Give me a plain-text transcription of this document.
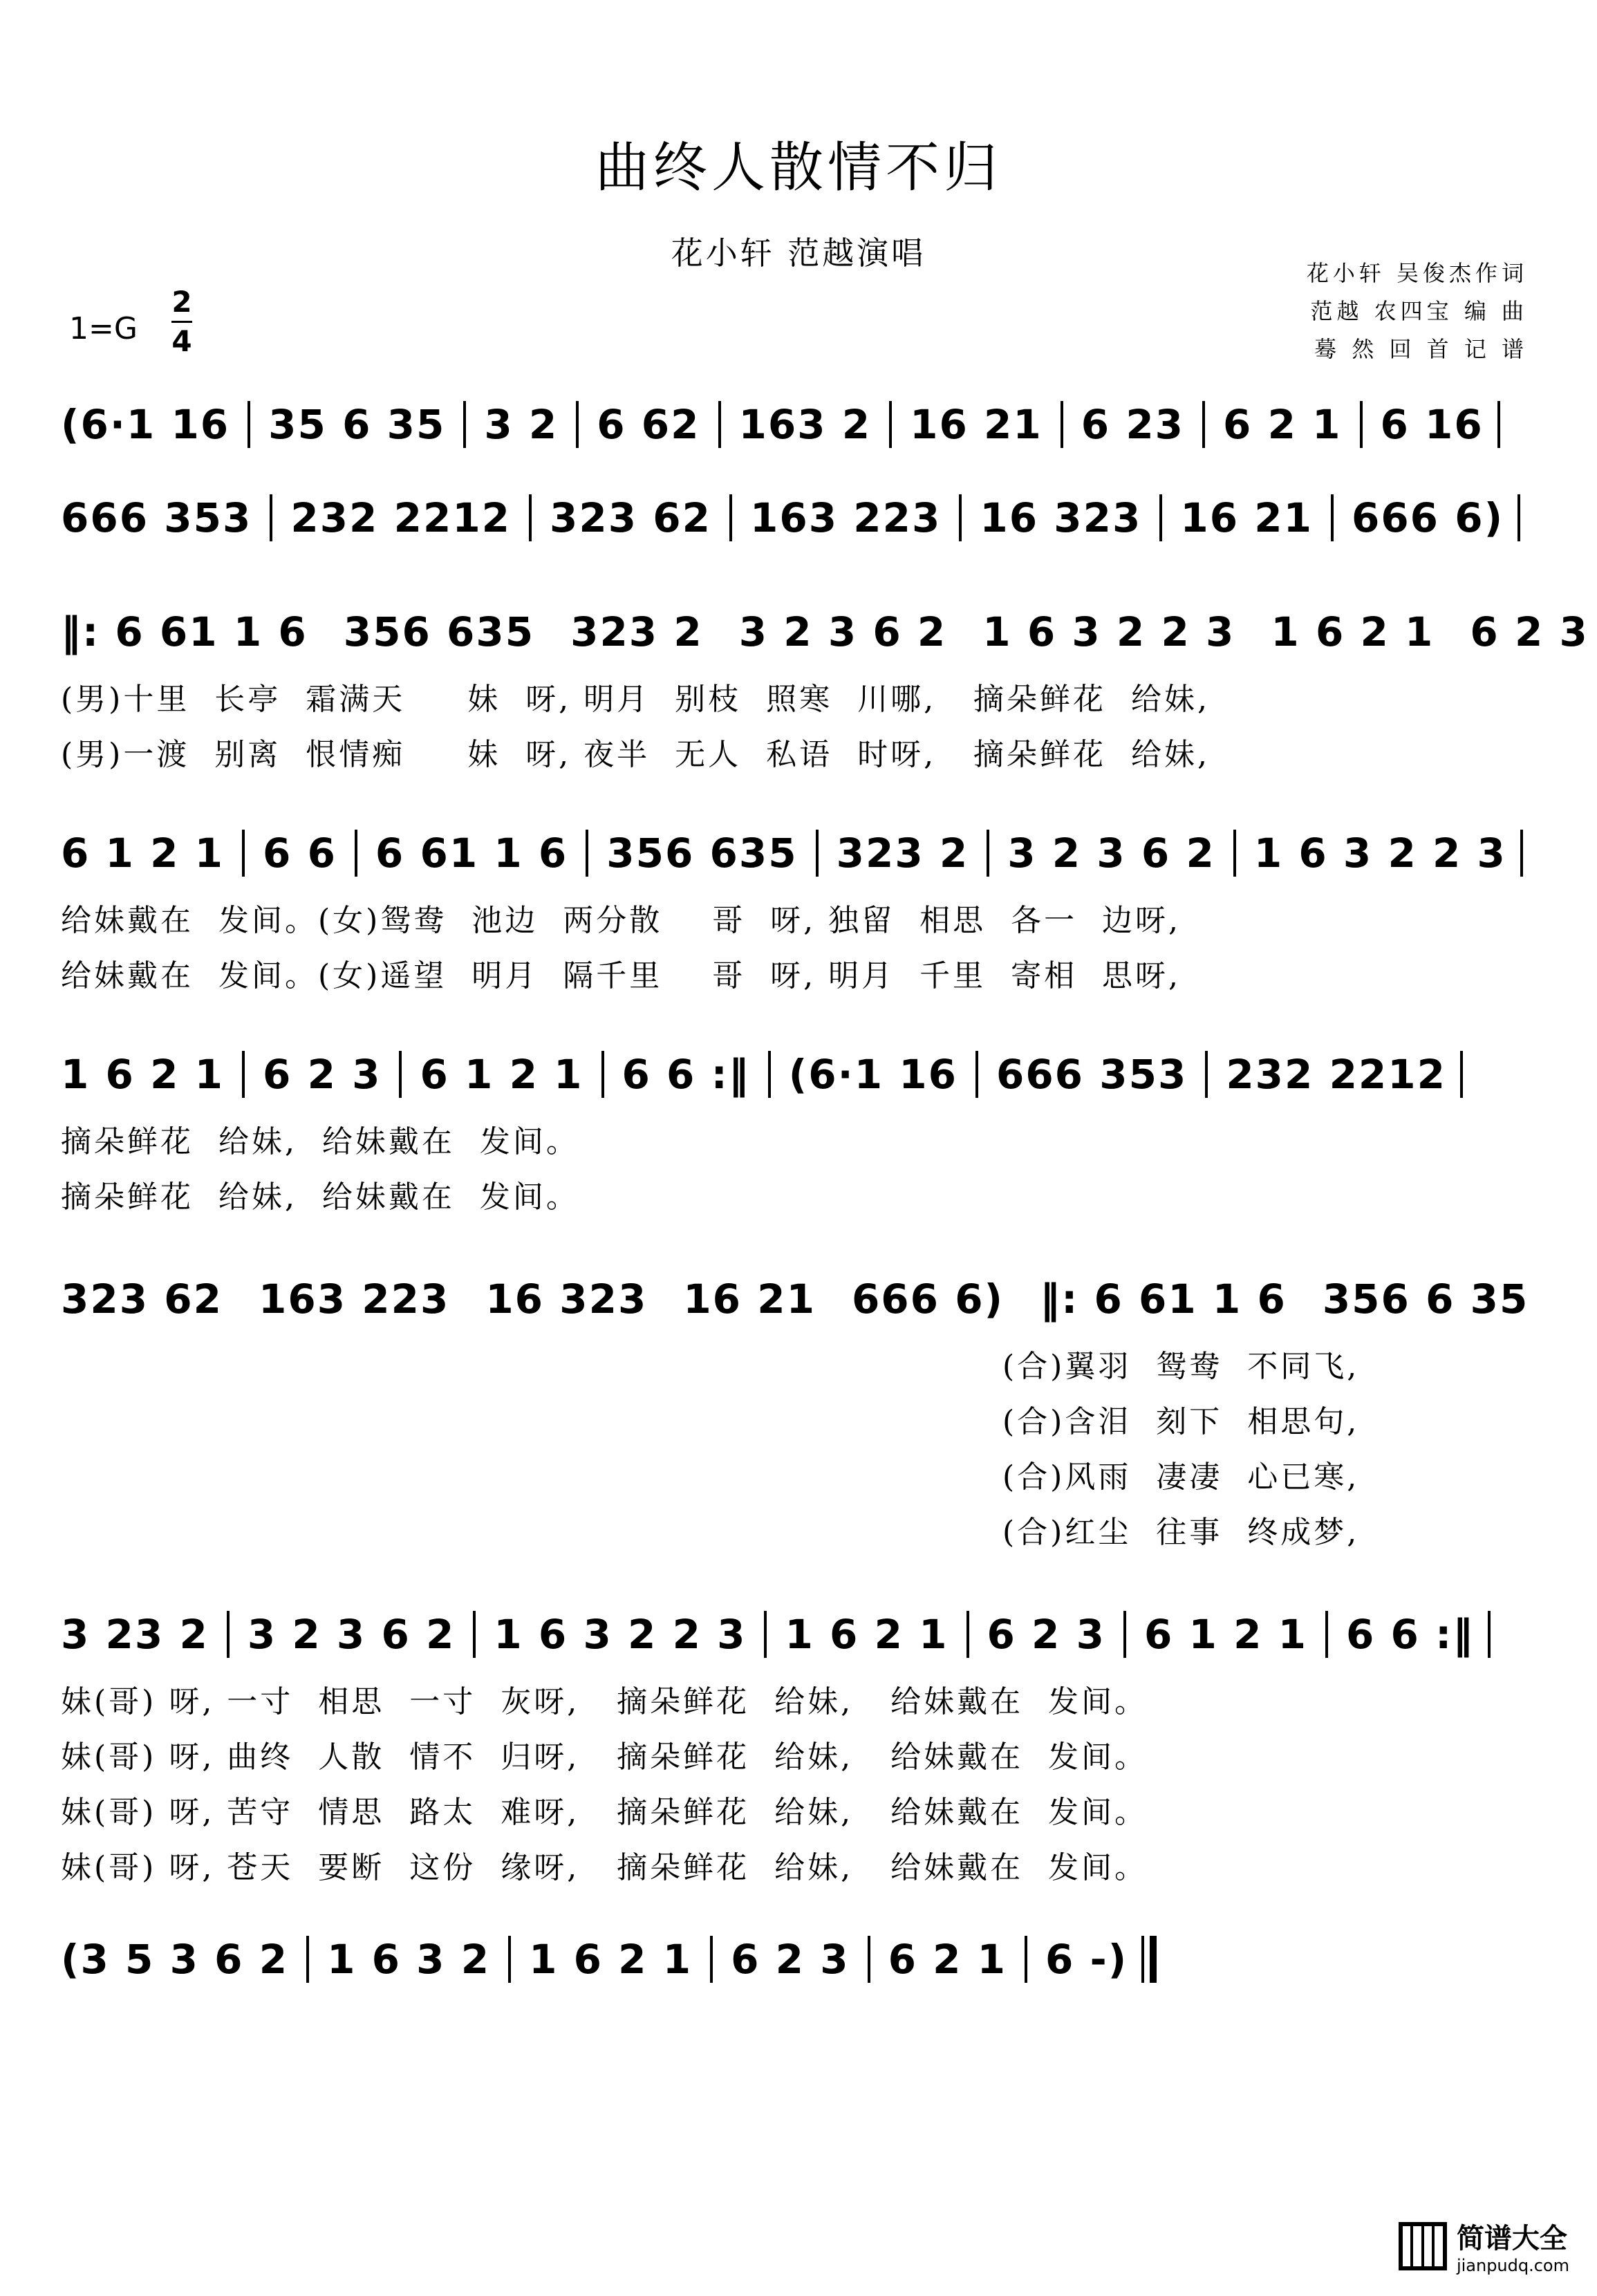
曲终人散情不归
花小轩 范越演唱
花小轩 吴俊杰作词
范越 农四宝 编 曲
蓦 然 回 首 记 谱
1=G
2
4
(6·1 16 35 6 35 3 2 6 62 163 2 16 21 6 23 6 2 1 6 16
666 353 232 2212 323 62 163 223 16 323 16 21 666 6)
‖: 6 61 1 6 356 635 323 2 3 2 3 6 2 1 6 3 2 2 3 1 6 2 1 6 2 3
(男)十里  长亭  霜满天     妹  呀, 明月  别枝  照寒  川哪,   摘朵鲜花  给妹,
(男)一渡  别离  恨情痴     妹  呀, 夜半  无人  私语  时呀,   摘朵鲜花  给妹,
6 1 2 1 6 6 6 61 1 6 356 635 323 2 3 2 3 6 2 1 6 3 2 2 3
给妹戴在  发间。(女)鸳鸯  池边  两分散    哥  呀, 独留  相思  各一  边呀,
给妹戴在  发间。(女)遥望  明月  隔千里    哥  呀, 明月  千里  寄相  思呀,
1 6 2 1 6 2 3 6 1 2 1 6 6 :‖ (6·1 16 666 353 232 2212
摘朵鲜花  给妹,  给妹戴在  发间。
摘朵鲜花  给妹,  给妹戴在  发间。
323 62 163 223 16 323 16 21 666 6) ‖: 6 61 1 6 356 6 35
(合)翼羽  鸳鸯  不同飞,
(合)含泪  刻下  相思句,
(合)风雨  凄凄  心已寒,
(合)红尘  往事  终成梦,
3 23 2 3 2 3 6 2 1 6 3 2 2 3 1 6 2 1 6 2 3 6 1 2 1 6 6 :‖
妹(哥) 呀, 一寸  相思  一寸  灰呀,   摘朵鲜花  给妹,   给妹戴在  发间。
妹(哥) 呀, 曲终  人散  情不  归呀,   摘朵鲜花  给妹,   给妹戴在  发间。
妹(哥) 呀, 苦守  情思  路太  难呀,   摘朵鲜花  给妹,   给妹戴在  发间。
妹(哥) 呀, 苍天  要断  这份  缘呀,   摘朵鲜花  给妹,   给妹戴在  发间。
(3 5 3 6 2 1 6 3 2 1 6 2 1 6 2 3 6 2 1 6 -)
简谱大全
jianpudq.com
